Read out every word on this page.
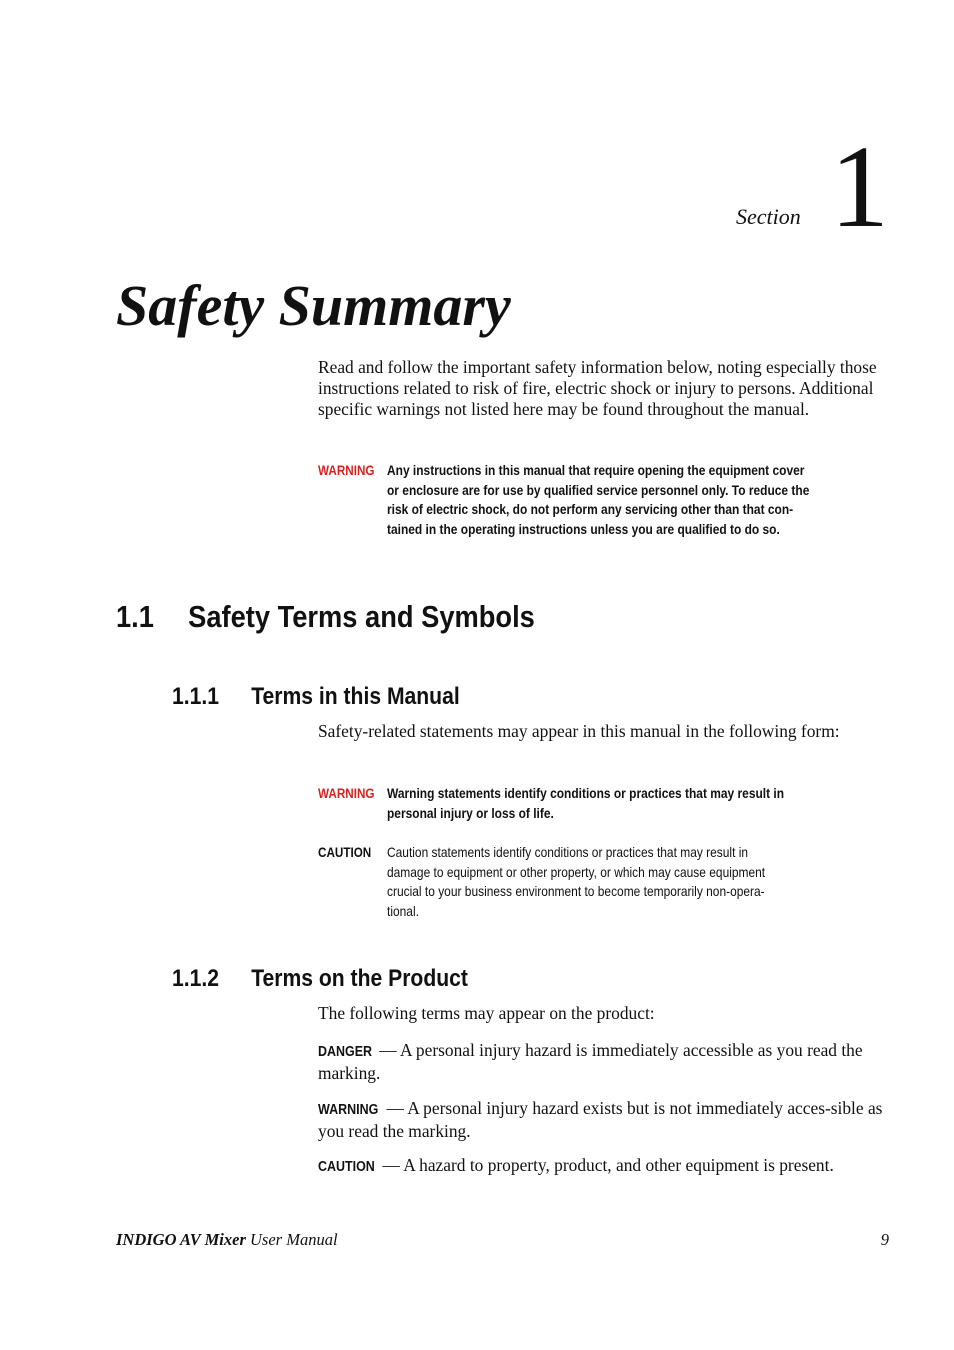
Section 1
Safety Summary

Read and follow the important safety information below, noting especially those instructions related to risk of fire, electric shock or injury to persons. Additional specific warnings not listed here may be found throughout the manual.

WARNING Any instructions in this manual that require opening the equipment cover
or enclosure are for use by qualified service personnel only. To reduce the
risk of electric shock, do not perform any servicing other than that con-
tained in the operating instructions unless you are qualified to do so.
1.1 Safety Terms and Symbols
1.1.1 Terms in this Manual

Safety-related statements may appear in this manual in the following form:

WARNING Warning statements identify conditions or practices that may result in
personal injury or loss of life.
CAUTION	Caution statements identify conditions or practices that may result in
damage to equipment or other property, or which may cause equipment
crucial to your business environment to become temporarily non-opera-
tional.
1.1.2 Terms on the Product

The following terms may appear on the product:

DANGER — A personal injury hazard is immediately accessible as you read the marking.

WARNING — A personal injury hazard exists but is not immediately acces-sible as you read the marking.

CAUTION — A hazard to property, product, and other equipment is present.

INDIGO AV Mixer User Manual	9
